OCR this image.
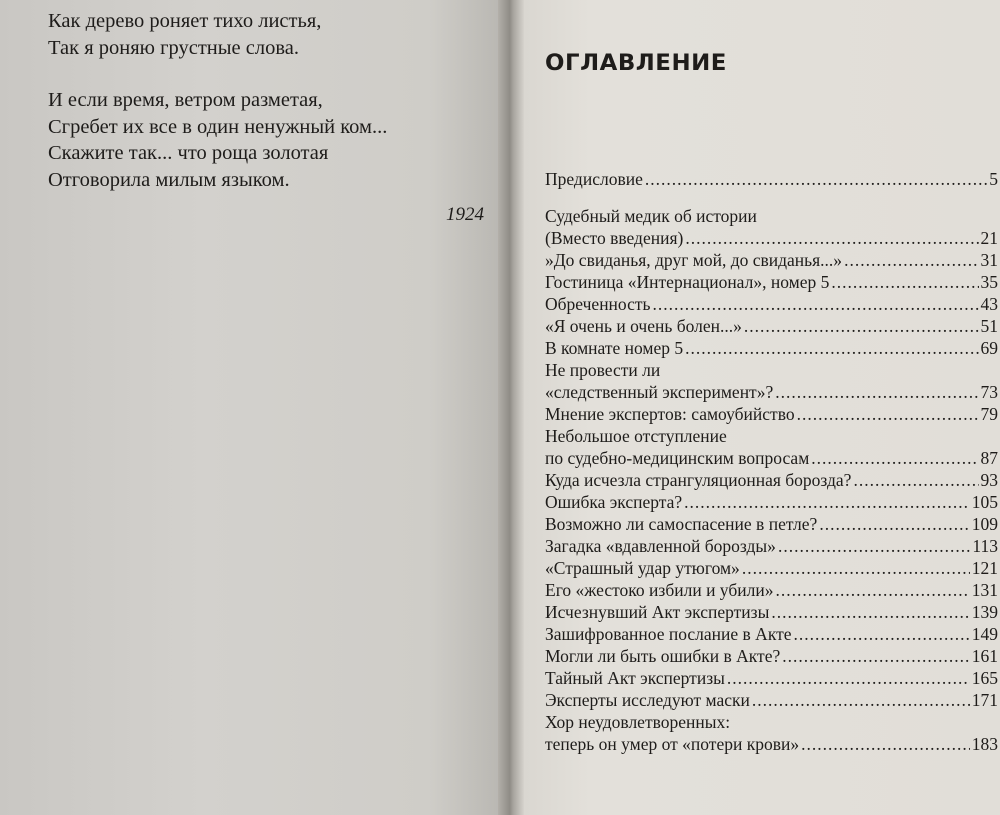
Как дерево роняет тихо листья,
Так я роняю грустные слова.
И если время, ветром разметая,
Сгребет их все в один ненужный ком...
Скажите так... что роща золотая
Отговорила милым языком.
1924
ОГЛАВЛЕНИЕ
Предисловие .....	5
Судебный медик об истории
(Вместо введения) .....	21
»До свиданья, друг мой, до свиданья...» .....	31
Гостиница «Интернационал», номер 5 .....	35
Обреченность .....	43
«Я очень и очень болен...» .....	51
В комнате номер 5 .....	69
Не провести ли
«следственный эксперимент»? .....	73
Мнение экспертов: самоубийство .....	79
Небольшое отступление
по судебно-медицинским вопросам .....	87
Куда исчезла странгуляционная борозда? .....	93
Ошибка эксперта? .....	105
Возможно ли самоспасение в петле? .....	109
Загадка «вдавленной борозды» .....	113
«Страшный удар утюгом» .....	121
Его «жестоко избили и убили» .....	131
Исчезнувший Акт экспертизы .....	139
Зашифрованное послание в Акте .....	149
Могли ли быть ошибки в Акте? .....	161
Тайный Акт экспертизы .....	165
Эксперты исследуют маски .....	171
Хор неудовлетворенных:
теперь он умер от «потери крови» .....	183
